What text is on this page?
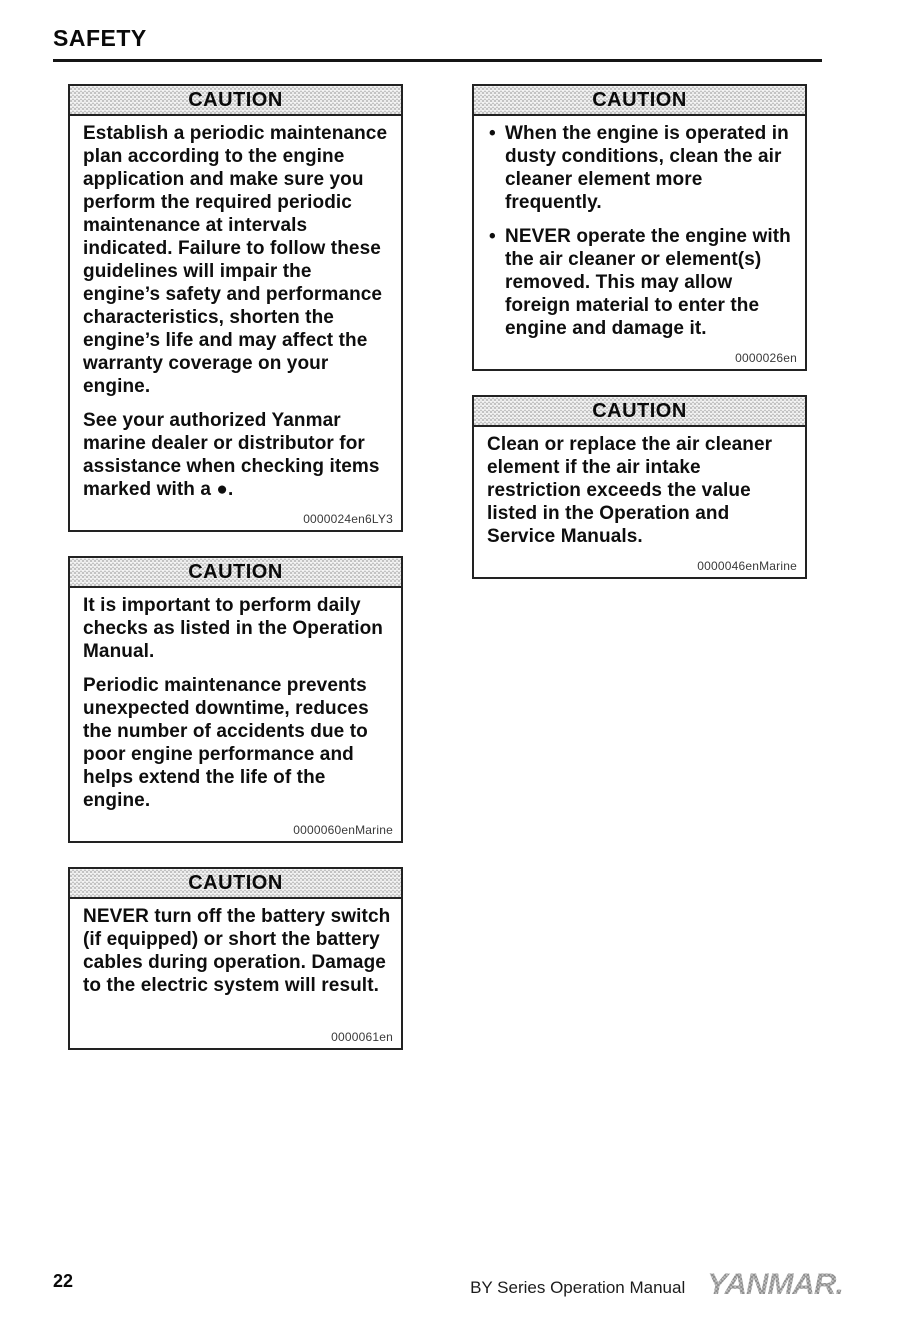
SAFETY
CAUTION

Establish a periodic maintenance plan according to the engine application and make sure you perform the required periodic maintenance at intervals indicated. Failure to follow these guidelines will impair the engine’s safety and performance characteristics, shorten the engine’s life and may affect the warranty coverage on your engine.

See your authorized Yanmar marine dealer or distributor for assistance when checking items marked with a ●.

0000024en6LY3
CAUTION

It is important to perform daily checks as listed in the Operation Manual.

Periodic maintenance prevents unexpected downtime, reduces the number of accidents due to poor engine performance and helps extend the life of the engine.

0000060enMarine
CAUTION

NEVER turn off the battery switch (if equipped) or short the battery cables during operation. Damage to the electric system will result.

0000061en
CAUTION
• When the engine is operated in dusty conditions, clean the air cleaner element more frequently.

• NEVER operate the engine with the air cleaner or element(s) removed. This may allow foreign material to enter the engine and damage it.

0000026en
CAUTION

Clean or replace the air cleaner element if the air intake restriction exceeds the value listed in the Operation and Service Manuals.

0000046enMarine
22	BY Series Operation Manual YANMAR.
